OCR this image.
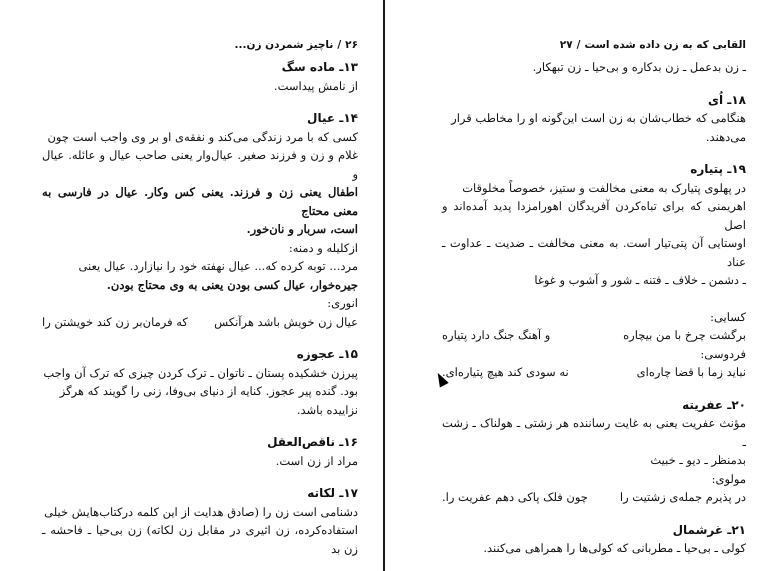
۲۶/ناچیز شمردن زن...
۱۳ـ ماده سگ

از نامش پیداست.

۱۴ـ عیال

کسی که با مرد زندگی می‌کند و نفقه‌ی او بر وی واجب است چون

غلام و زن و فرزند صغیر. عیال‌وار یعنی صاحب عیال و عائله. عیال و

اطفال یعنی زن و فرزند. یعنی کس وکار. عیال در فارسی به معنی محتاج

است، سربار و نان‌خور.

ازکلیله و دمنه:

مرد... توبه کرده که... عیال نهفته خود را نیازارد. عیال یعنی

جیره‌خوار، عیال کسی بودن یعنی به وی محتاج بودن.

انوری:

عیال زن خویش باشد هرآنکس
که فرمان‌بر زن کند خویشتن را
۱۵ـ عجوزه

پیرزن خشکیده پستان ـ ناتوان ـ ترک کردن چیزی که ترک آن واجب

بود. گنده پیر عجوز. کنایه از دنیای بی‌وفا، زنی را گویند که هرگز

نزاییده باشد.

۱۶ـ ناقص‌العقل

مراد از زن است.

۱۷ـ لکاته

دشنامی است زن را (صادق هدایت از این کلمه درکتاب‌هایش خیلی

استفاده‌کرده، زن اثیری در مقابل زن لکاته) زن بی‌حیا ـ فاحشه ـ زن بد

القابی که به زن داده شده است/۲۷

ـ زن بدعمل ـ زن بدکاره و بی‌حیا ـ زن تبهکار.

۱۸ـ اُی

هنگامی که خطاب‌شان به زن است این‌گونه او را مخاطب قرار

می‌دهند.

۱۹ـ پتیاره

در پهلوی پتیارک به معنی مخالفت و ستیز، خصوصاً مخلوقات

اهریمنی که برای تباه‌کردن آفریدگان اهورامزدا پدید آمده‌اند و اصل

اوستایی آن پتی‌تیار است. به معنی مخالفت ـ ضدیت ـ عداوت ـ عناد

ـ دشمن ـ خلاف ـ فتنه ـ شور و آشوب و غوغا

کسایی:

برگشت چرخ با من بیچاره
و آهنگ جنگ دارد پتیاره

فردوسی:

نباید زما با قضا چاره‌ای
نه سودی کند هیچ پتیاره‌ای.
۲۰ـ عفریته

مؤنث عفریت یعنی به غایت رساننده هر زشتی ـ هولناک ـ زشت ـ

بدمنظر ـ دیو ـ خبیث

مولوی:

در پذیرم جمله‌ی زشتیت را
چون فلک پاکی دهم عفریت را.
۲۱ـ غرشمال

کولی ـ بی‌حیا ـ مطربانی که کولی‌ها را همراهی می‌کنند.
